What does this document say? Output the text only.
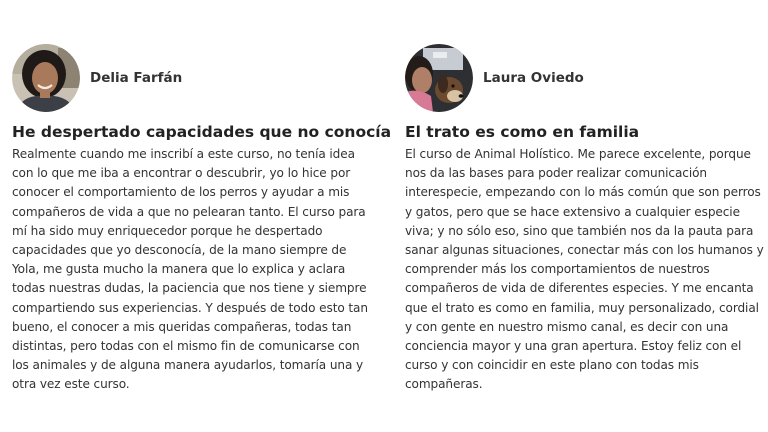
Delia Farfán
He despertado capacidades que no conocía

Realmente cuando me inscribí a este curso, no tenía idea con lo que me iba a encontrar o descubrir, yo lo hice por conocer el comportamiento de los perros y ayudar a mis compañeros de vida a que no pelearan tanto. El curso para mí ha sido muy enriquecedor porque he despertado capacidades que yo desconocía, de la mano siempre de Yola, me gusta mucho la manera que lo explica y aclara todas nuestras dudas, la paciencia que nos tiene y siempre compartiendo sus experiencias. Y después de todo esto tan bueno, el conocer a mis queridas compañeras, todas tan distintas, pero todas con el mismo fin de comunicarse con los animales y de alguna manera ayudarlos, tomaría una y otra vez este curso.

Laura Oviedo
El trato es como en familia

El curso de Animal Holístico. Me parece excelente, porque nos da las bases para poder realizar comunicación interespecie, empezando con lo más común que son perros y gatos, pero que se hace extensivo a cualquier especie viva; y no sólo eso, sino que también nos da la pauta para sanar algunas situaciones, conectar más con los humanos y comprender más los comportamientos de nuestros compañeros de vida de diferentes especies. Y me encanta que el trato es como en familia, muy personalizado, cordial y con gente en nuestro mismo canal, es decir con una conciencia mayor y una gran apertura. Estoy feliz con el curso y con coincidir en este plano con todas mis compañeras.
